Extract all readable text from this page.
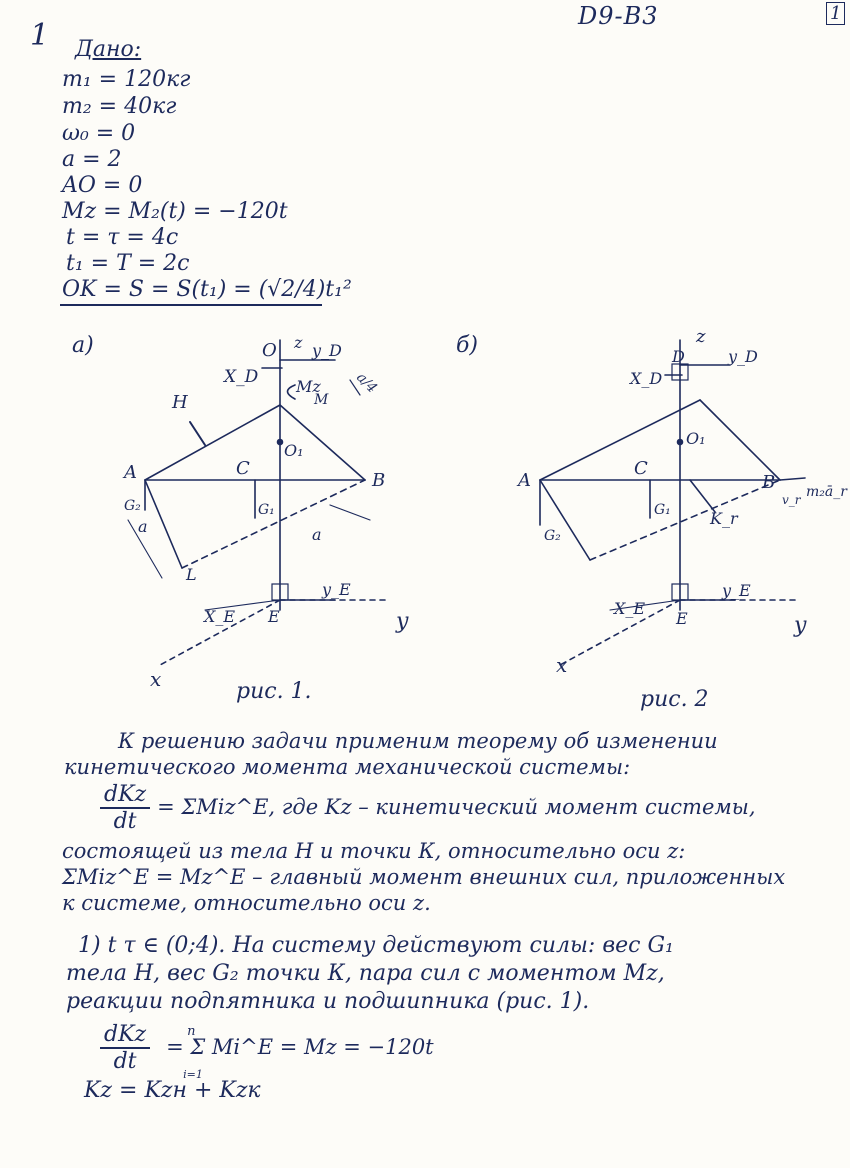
D9-B3	1
1 Дано:
m₁ = 120кг
m₂ = 40кг
ω₀ = 0
a = 2
AO = 0
Mz = M₂(t) = −120t
t = τ = 4с
t₁ = T = 2с
OK = S = S(t₁) = (√2/4)t₁²
а)	O z y_D
X_D Mz
M
a/4
H
O₁
A	C
B
G₂	G₁
a	a
L
X_E E
y_E
y
x	рис. 1.
б)	z
D	y_D
X_D
O₁
A
C
B
v_r m₂ā_r
G₁
G₂
K_r
X_E
E
y_E
y
x
рис. 2
К решению задачи применим теорему об изменении
кинетического момента механической системы:
$\frac{\text{dKz}}{dt}$ = ΣMiz^E, где Kz – кинетический момент системы,
состоящей из тела Н и точки К, относительно оси z:
ΣMiz^E = Mz^E – главный момент внешних сил, приложенных
к системе, относительно оси z.
1) t τ ∈ (0;4). На систему действуют силы: вес G₁
тела Н, вес G₂ точки К, пара сил с моментом Mz,
реакции подпятника и подшипника (рис. 1).
$\frac{\text{dKz}}{dt}$
	n
i=1
= Σ Mi^E = Mz = −120t
Kz = Kzн + Kzк
